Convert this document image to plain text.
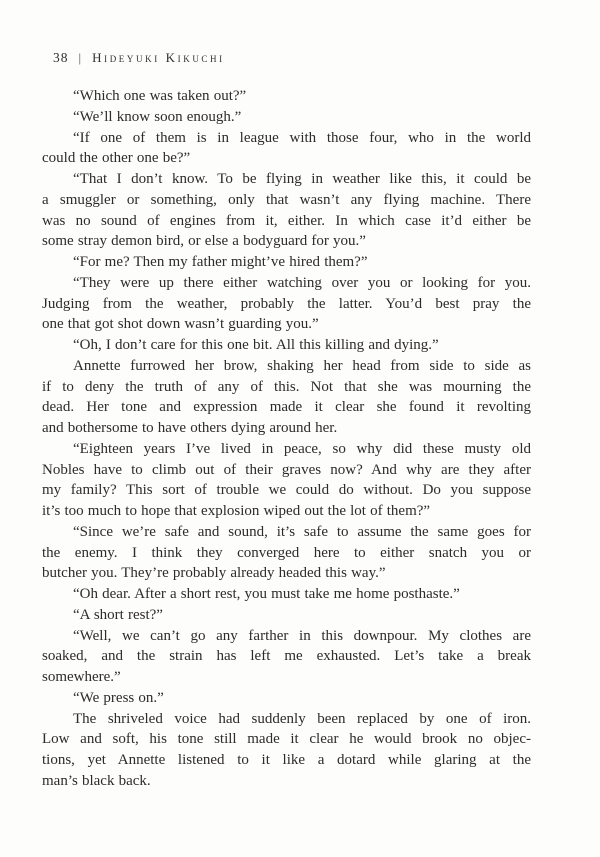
38 | Hideyuki Kikuchi
“Which one was taken out?”
“We’ll know soon enough.”
“If one of them is in league with those four, who in the world
could the other one be?”
“That I don’t know. To be flying in weather like this, it could be
a smuggler or something, only that wasn’t any flying machine. There
was no sound of engines from it, either. In which case it’d either be
some stray demon bird, or else a bodyguard for you.”
“For me? Then my father might’ve hired them?”
“They were up there either watching over you or looking for you.
Judging from the weather, probably the latter. You’d best pray the
one that got shot down wasn’t guarding you.”
“Oh, I don’t care for this one bit. All this killing and dying.”
Annette furrowed her brow, shaking her head from side to side as
if to deny the truth of any of this. Not that she was mourning the
dead. Her tone and expression made it clear she found it revolting
and bothersome to have others dying around her.
“Eighteen years I’ve lived in peace, so why did these musty old
Nobles have to climb out of their graves now? And why are they after
my family? This sort of trouble we could do without. Do you suppose
it’s too much to hope that explosion wiped out the lot of them?”
“Since we’re safe and sound, it’s safe to assume the same goes for
the enemy. I think they converged here to either snatch you or
butcher you. They’re probably already headed this way.”
“Oh dear. After a short rest, you must take me home posthaste.”
“A short rest?”
“Well, we can’t go any farther in this downpour. My clothes are
soaked, and the strain has left me exhausted. Let’s take a break
somewhere.”
“We press on.”
The shriveled voice had suddenly been replaced by one of iron.
Low and soft, his tone still made it clear he would brook no objec-
tions, yet Annette listened to it like a dotard while glaring at the
man’s black back.
